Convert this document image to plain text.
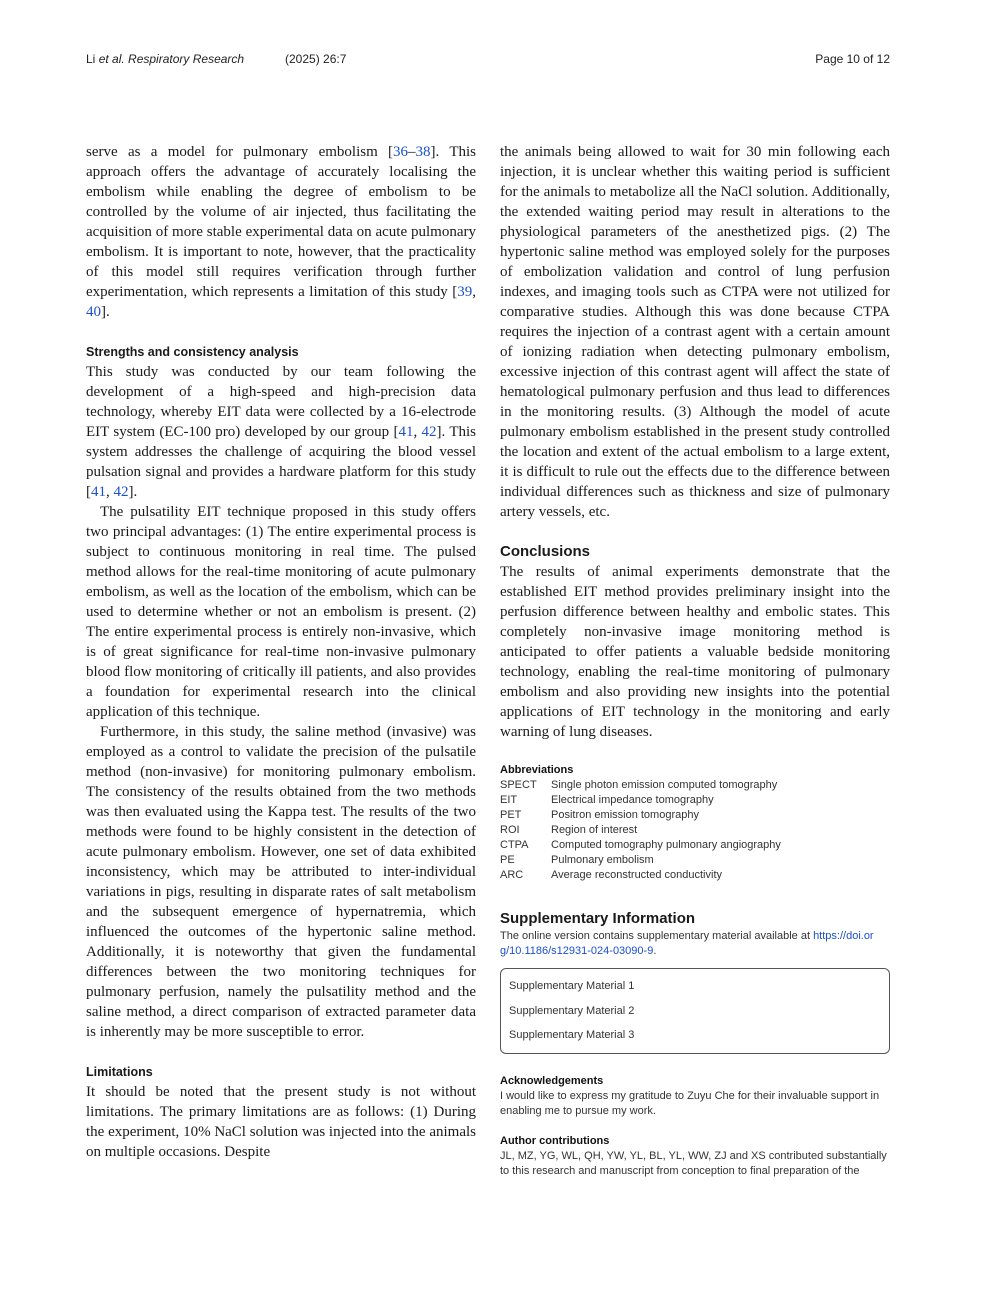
Li et al. Respiratory Research	(2025) 26:7	Page 10 of 12

serve as a model for pulmonary embolism [36–38]. This approach offers the advantage of accurately localising the embolism while enabling the degree of embolism to be controlled by the volume of air injected, thus facilitating the acquisition of more stable experimental data on acute pulmonary embolism. It is important to note, however, that the practicality of this model still requires verification through further experimentation, which represents a limitation of this study [39, 40].

Strengths and consistency analysis

This study was conducted by our team following the development of a high-speed and high-precision data technology, whereby EIT data were collected by a 16-electrode EIT system (EC-100 pro) developed by our group [41, 42]. This system addresses the challenge of acquiring the blood vessel pulsation signal and provides a hardware platform for this study [41, 42].

The pulsatility EIT technique proposed in this study offers two principal advantages: (1) The entire experimental process is subject to continuous monitoring in real time. The pulsed method allows for the real-time monitoring of acute pulmonary embolism, as well as the location of the embolism, which can be used to determine whether or not an embolism is present. (2) The entire experimental process is entirely non-invasive, which is of great significance for real-time non-invasive pulmonary blood flow monitoring of critically ill patients, and also provides a foundation for experimental research into the clinical application of this technique.

Furthermore, in this study, the saline method (invasive) was employed as a control to validate the precision of the pulsatile method (non-invasive) for monitoring pulmonary embolism. The consistency of the results obtained from the two methods was then evaluated using the Kappa test. The results of the two methods were found to be highly consistent in the detection of acute pulmonary embolism. However, one set of data exhibited inconsistency, which may be attributed to inter-individual variations in pigs, resulting in disparate rates of salt metabolism and the subsequent emergence of hypernatremia, which influenced the outcomes of the hypertonic saline method. Additionally, it is noteworthy that given the fundamental differences between the two monitoring techniques for pulmonary perfusion, namely the pulsatility method and the saline method, a direct comparison of extracted parameter data is inherently may be more susceptible to error.

Limitations

It should be noted that the present study is not without limitations. The primary limitations are as follows: (1) During the experiment, 10% NaCl solution was injected into the animals on multiple occasions. Despite

the animals being allowed to wait for 30 min following each injection, it is unclear whether this waiting period is sufficient for the animals to metabolize all the NaCl solution. Additionally, the extended waiting period may result in alterations to the physiological parameters of the anesthetized pigs. (2) The hypertonic saline method was employed solely for the purposes of embolization validation and control of lung perfusion indexes, and imaging tools such as CTPA were not utilized for comparative studies. Although this was done because CTPA requires the injection of a contrast agent with a certain amount of ionizing radiation when detecting pulmonary embolism, excessive injection of this contrast agent will affect the state of hematological pulmonary perfusion and thus lead to differences in the monitoring results. (3) Although the model of acute pulmonary embolism established in the present study controlled the location and extent of the actual embolism to a large extent, it is difficult to rule out the effects due to the difference between individual differences such as thickness and size of pulmonary artery vessels, etc.

Conclusions

The results of animal experiments demonstrate that the established EIT method provides preliminary insight into the perfusion difference between healthy and embolic states. This completely non-invasive image monitoring method is anticipated to offer patients a valuable bedside monitoring technology, enabling the real-time monitoring of pulmonary embolism and also providing new insights into the potential applications of EIT technology in the monitoring and early warning of lung diseases.

Abbreviations
SPECT	Single photon emission computed tomography
EIT	Electrical impedance tomography
PET	Positron emission tomography
ROI	Region of interest
CTPA	Computed tomography pulmonary angiography
PE	Pulmonary embolism
ARC	Average reconstructed conductivity
Supplementary Information
The online version contains supplementary material available at https://doi.or
g/10.1186/s12931-024-03090-9.
Supplementary Material 1
Supplementary Material 2
Supplementary Material 3
Acknowledgements
I would like to express my gratitude to Zuyu Che for their invaluable support in enabling me to pursue my work.
Author contributions
JL, MZ, YG, WL, QH, YW, YL, BL, YL, WW, ZJ and XS contributed substantially to this research and manuscript from conception to final preparation of the
